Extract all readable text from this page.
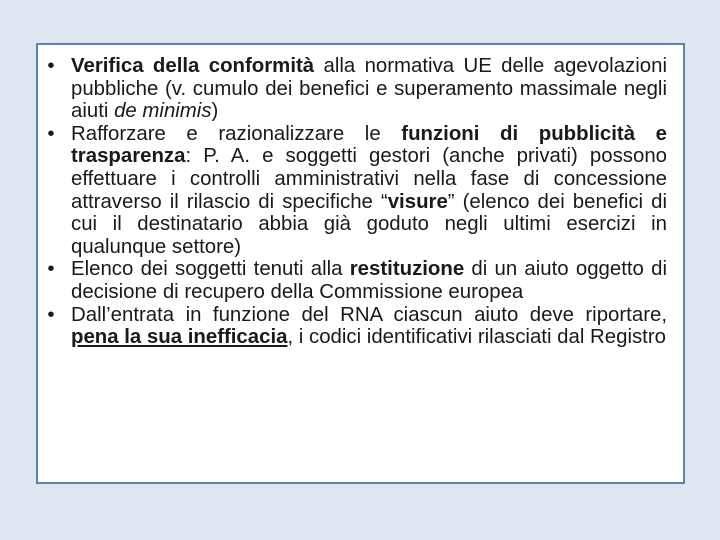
• Verifica della conformità alla normativa UE delle agevolazioni pubbliche (v. cumulo dei benefici e superamento massimale negli aiuti de minimis)
• Rafforzare e razionalizzare le funzioni di pubblicità e trasparenza: P. A. e soggetti gestori (anche privati) possono effettuare i controlli amministrativi nella fase di concessione attraverso il rilascio di specifiche “visure” (elenco dei benefici di cui il destinatario abbia già goduto negli ultimi esercizi in qualunque settore)
• Elenco dei soggetti tenuti alla restituzione di un aiuto oggetto di decisione di recupero della Commissione europea
• Dall’entrata in funzione del RNA ciascun aiuto deve riportare, pena la sua inefficacia, i codici identificativi rilasciati dal Registro
